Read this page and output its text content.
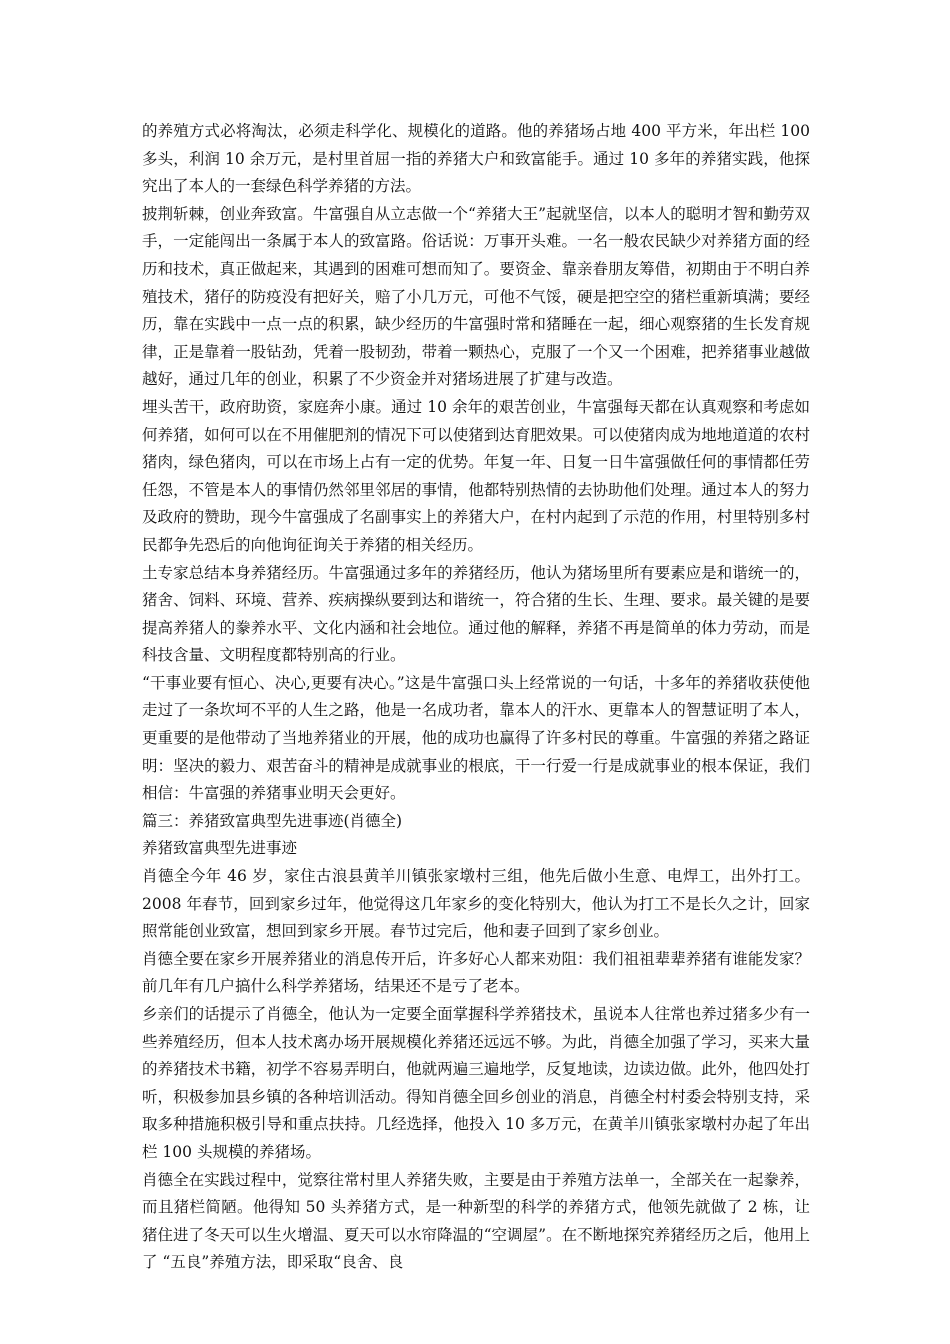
的养殖方式必将淘汰，必须走科学化、规模化的道路。他的养猪场占地 400 平方米，年出栏 100 多头，利润 10 余万元，是村里首屈一指的养猪大户和致富能手。通过 10 多年的养猪实践，他探究出了本人的一套绿色科学养猪的方法。

披荆斩棘，创业奔致富。牛富强自从立志做一个“养猪大王”起就坚信，以本人的聪明才智和勤劳双手，一定能闯出一条属于本人的致富路。俗话说：万事开头难。一名一般农民缺少对养猪方面的经历和技术，真正做起来，其遇到的困难可想而知了。要资金、靠亲眷朋友筹借，初期由于不明白养殖技术，猪仔的防疫没有把好关，赔了小几万元，可他不气馁，硬是把空空的猪栏重新填满；要经历，靠在实践中一点一点的积累，缺少经历的牛富强时常和猪睡在一起，细心观察猪的生长发育规律，正是靠着一股钻劲，凭着一股韧劲，带着一颗热心，克服了一个又一个困难，把养猪事业越做越好，通过几年的创业，积累了不少资金并对猪场进展了扩建与改造。

埋头苦干，政府助资，家庭奔小康。通过 10 余年的艰苦创业，牛富强每天都在认真观察和考虑如何养猪，如何可以在不用催肥剂的情况下可以使猪到达育肥效果。可以使猪肉成为地地道道的农村猪肉，绿色猪肉，可以在市场上占有一定的优势。年复一年、日复一日牛富强做任何的事情都任劳任怨，不管是本人的事情仍然邻里邻居的事情，他都特别热情的去协助他们处理。通过本人的努力及政府的赞助，现今牛富强成了名副事实上的养猪大户，在村内起到了示范的作用，村里特别多村民都争先恐后的向他询征询关于养猪的相关经历。

土专家总结本身养猪经历。牛富强通过多年的养猪经历，他认为猪场里所有要素应是和谐统一的，猪舍、饲料、环境、营养、疾病操纵要到达和谐统一，符合猪的生长、生理、要求。最关键的是要提高养猪人的豢养水平、文化内涵和社会地位。通过他的解释，养猪不再是简单的体力劳动，而是科技含量、文明程度都特别高的行业。

“干事业要有恒心、决心,更要有决心。”这是牛富强口头上经常说的一句话，十多年的养猪收获使他走过了一条坎坷不平的人生之路，他是一名成功者，靠本人的汗水、更靠本人的智慧证明了本人，更重要的是他带动了当地养猪业的开展，他的成功也赢得了许多村民的尊重。牛富强的养猪之路证明：坚决的毅力、艰苦奋斗的精神是成就事业的根底，干一行爱一行是成就事业的根本保证，我们相信：牛富强的养猪事业明天会更好。

篇三：养猪致富典型先进事迹(肖德全)

养猪致富典型先进事迹

肖德全今年 46 岁，家住古浪县黄羊川镇张家墩村三组，他先后做小生意、电焊工，出外打工。2008 年春节，回到家乡过年，他觉得这几年家乡的变化特别大，他认为打工不是长久之计，回家照常能创业致富，想回到家乡开展。春节过完后，他和妻子回到了家乡创业。

肖德全要在家乡开展养猪业的消息传开后，许多好心人都来劝阻：我们祖祖辈辈养猪有谁能发家？前几年有几户搞什么科学养猪场，结果还不是亏了老本。

乡亲们的话提示了肖德全，他认为一定要全面掌握科学养猪技术，虽说本人往常也养过猪多少有一些养殖经历，但本人技术离办场开展规模化养猪还远远不够。为此，肖德全加强了学习，买来大量的养猪技术书籍，初学不容易弄明白，他就两遍三遍地学，反复地读，边读边做。此外，他四处打听，积极参加县乡镇的各种培训活动。得知肖德全回乡创业的消息，肖德全村村委会特别支持，采取多种措施积极引导和重点扶持。几经选择，他投入 10 多万元，在黄羊川镇张家墩村办起了年出栏 100 头规模的养猪场。

肖德全在实践过程中，觉察往常村里人养猪失败，主要是由于养殖方法单一，全部关在一起豢养，而且猪栏简陋。他得知 50 头养猪方式，是一种新型的科学的养猪方式，他领先就做了 2 栋，让猪住进了冬天可以生火增温、夏天可以水帘降温的“空调屋”。在不断地探究养猪经历之后，他用上了 “五良”养殖方法，即采取“良舍、良
